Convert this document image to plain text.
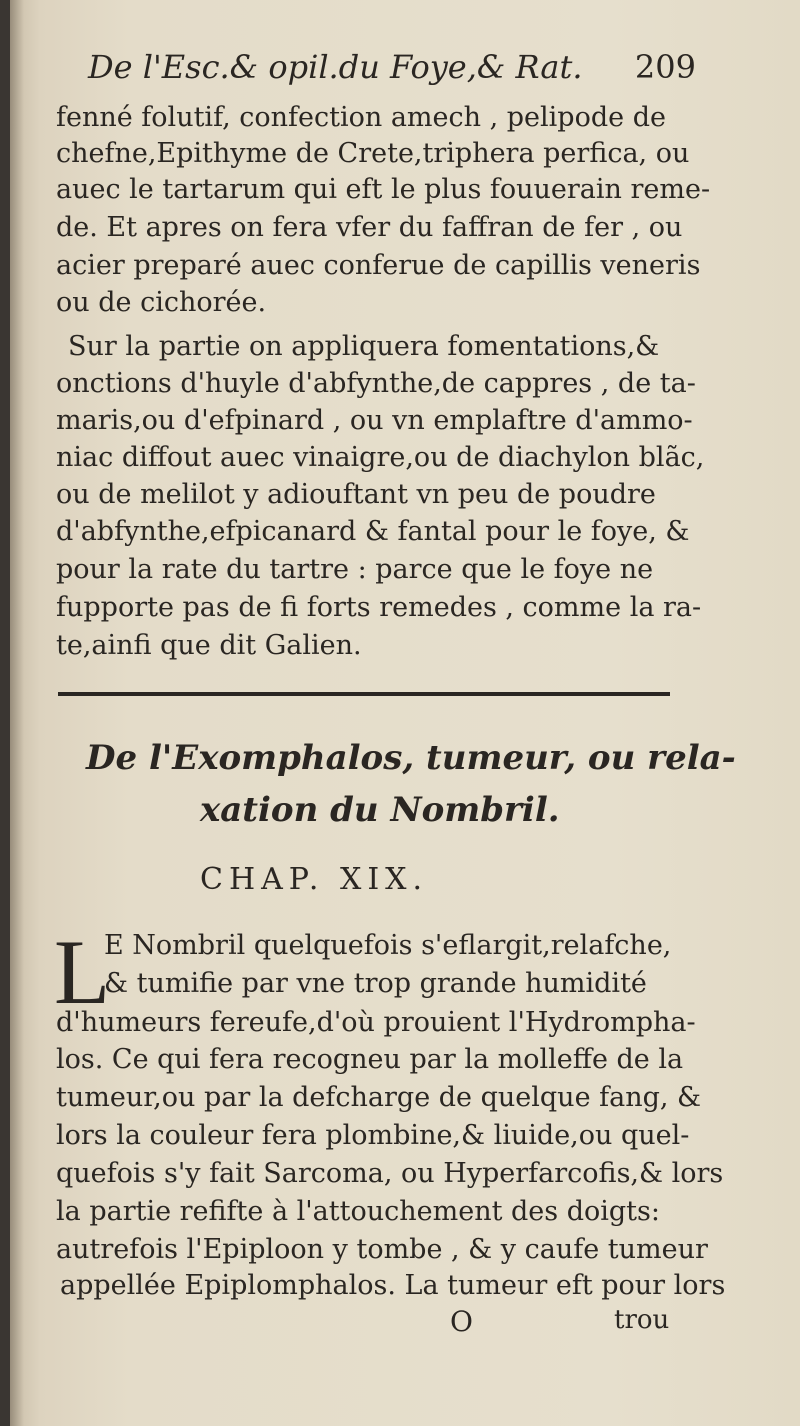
De l'Esc.& opil.du Foye,& Rat. 209
fenné folutif, confection amech , pelipode de
chefne,Epithyme de Crete,triphera perfica, ou
auec le tartarum qui eft le plus fouuerain reme-
de. Et apres on fera vfer du faffran de fer , ou
acier preparé auec conferue de capillis veneris
ou de cichorée.
Sur la partie on appliquera fomentations,&
onctions d'huyle d'abfynthe,de cappres , de ta-
maris,ou d'efpinard , ou vn emplaftre d'ammo-
niac diffout auec vinaigre,ou de diachylon blãc,
ou de melilot y adiouftant vn peu de poudre
d'abfynthe,efpicanard & fantal pour le foye, &
pour la rate du tartre : parce que le foye ne
fupporte pas de fi forts remedes , comme la ra-
te,ainfi que dit Galien.
De l'Exomphalos, tumeur, ou rela-
xation du Nombril.
CHAP. XIX.
L
E Nombril quelquefois s'eflargit,relafche,
& tumifie par vne trop grande humidité
d'humeurs fereufe,d'où prouient l'Hydrompha-
los. Ce qui fera recogneu par la molleffe de la
tumeur,ou par la defcharge de quelque fang, &
lors la couleur fera plombine,& liuide,ou quel-
quefois s'y fait Sarcoma, ou Hyperfarcofis,& lors
la partie refifte à l'attouchement des doigts:
autrefois l'Epiploon y tombe , & y caufe tumeur
appellée Epiplomphalos. La tumeur eft pour lors
O	trou
